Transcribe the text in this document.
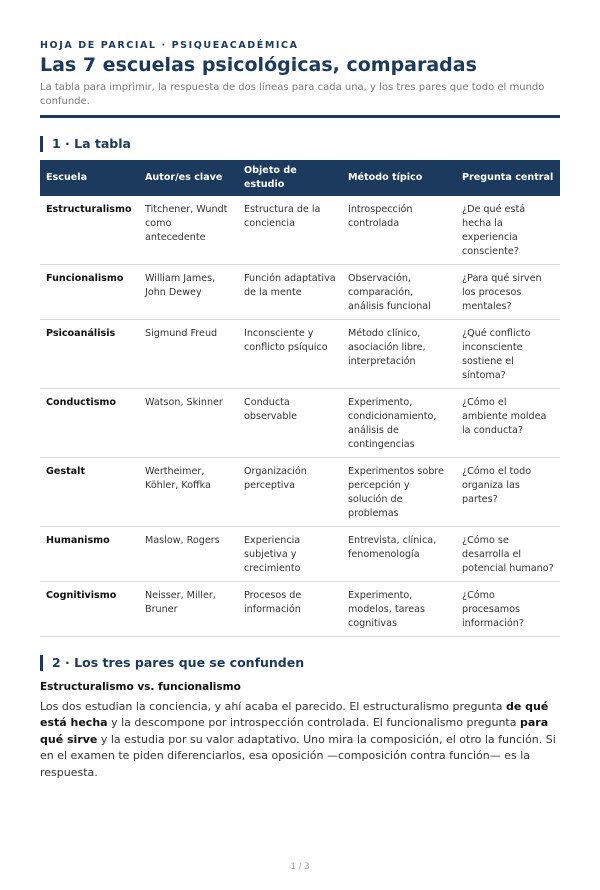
HOJA DE PARCIAL · PSIQUEACADÉMICA
Las 7 escuelas psicológicas, comparadas
La tabla para imprimir, la respuesta de dos líneas para cada una, y los tres pares que todo el mundo confunde.
1 · La tabla
Escuela	Autor/es clave	Objeto de estudio	Método típico	Pregunta central
Estructuralismo	Titchener, Wundt como antecedente	Estructura de la conciencia	Introspección controlada	¿De qué está hecha la experiencia consciente?
Funcionalismo	William James, John Dewey	Función adaptativa de la mente	Observación, comparación, análisis funcional	¿Para qué sirven los procesos mentales?
Psicoanálisis	Sigmund Freud	Inconsciente y conflicto psíquico	Método clínico, asociación libre, interpretación	¿Qué conflicto inconsciente sostiene el síntoma?
Conductismo	Watson, Skinner	Conducta observable	Experimento, condicionamiento, análisis de contingencias	¿Cómo el ambiente moldea la conducta?
Gestalt	Wertheimer, Köhler, Koffka	Organización perceptiva	Experimentos sobre percepción y solución de problemas	¿Cómo el todo organiza las partes?
Humanismo	Maslow, Rogers	Experiencia subjetiva y crecimiento	Entrevista, clínica, fenomenología	¿Cómo se desarrolla el potencial humano?
Cognitivismo	Neisser, Miller, Bruner	Procesos de información	Experimento, modelos, tareas cognitivas	¿Cómo procesamos información?
2 · Los tres pares que se confunden
Estructuralismo vs. funcionalismo
Los dos estudian la conciencia, y ahí acaba el parecido. El estructuralismo pregunta de qué está hecha y la descompone por introspección controlada. El funcionalismo pregunta para qué sirve y la estudia por su valor adaptativo. Uno mira la composición, el otro la función. Si en el examen te piden diferenciarlos, esa oposición —composición contra función— es la respuesta.
1 / 3
